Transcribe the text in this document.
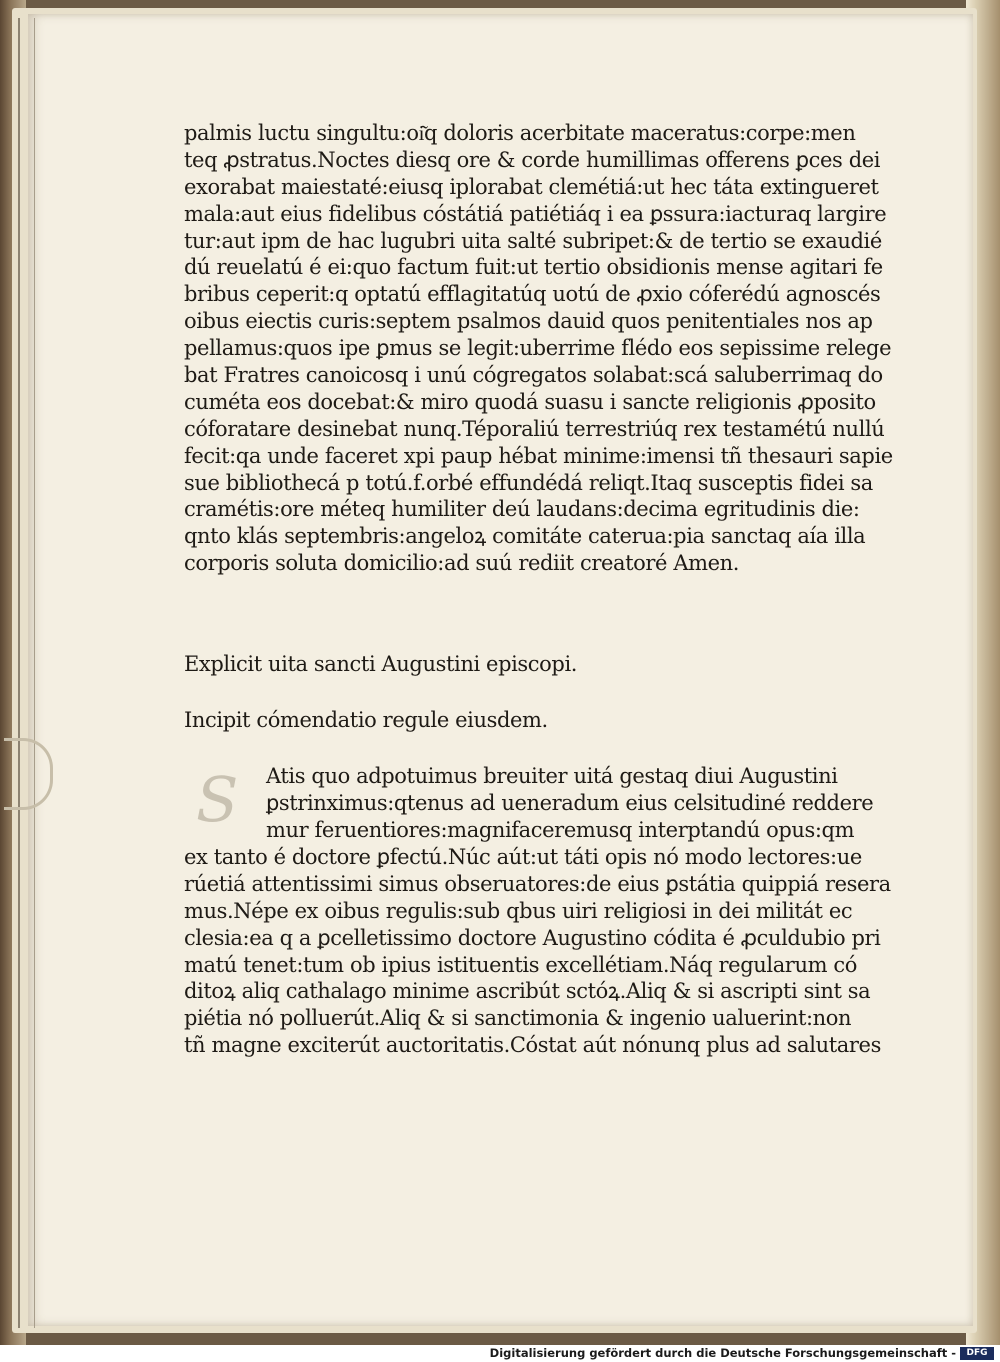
palmis luctu singultu:oi͂q doloris acerbitate maceratus:corpe:men
teq ꝓstratus.Noctes diesq ore & corde humillimas offerens ꝑces dei
exorabat maiestaté:eiusq iplorabat clemétiá:ut hec táta extingueret
mala:aut eius fidelibus cóstátiá patiétiáq i ea ꝑssura:iacturaq largire
tur:aut ipm de hac lugubri uita salté subripet:& de tertio se exaudié
dú reuelatú é ei:quo factum fuit:ut tertio obsidionis mense agitari fe
bribus ceperit:q optatú efflagitatúq uotú de ꝓxio cóferédú agnoscés
oibus eiectis curis:septem psalmos dauid quos penitentiales nos ap
pellamus:quos ipe ꝑmus se legit:uberrime flédo eos sepissime relege
bat Fratres canoicosq i unú cógregatos solabat:scá saluberrimaq do
cuméta eos docebat:& miro quodá suasu i sancte religionis ꝓposito
cóforatare desinebat nunq.Téporaliú terrestriúq rex testamétú nullú
fecit:qa unde faceret xpi paup hébat minime:imensi tñ thesauri sapie
sue bibliothecá p totú.f.orbé effundédá reliqt.Itaq susceptis fidei sa
cramétis:ore méteq humiliter deú laudans:decima egritudinis die:
qnto klás septembris:angeloꝝ comitáte caterua:pia sanctaq aía illa
corporis soluta domicilio:ad suú rediit creatoré Amen.
Explicit uita sancti Augustini episcopi.
Incipit cómendatio regule eiusdem.
S	Atis quo adpotuimus breuiter uitá gestaq diui Augustini
ꝑstrinximus:qtenus ad ueneradum eius celsitudiné reddere
mur feruentiores:magnifaceremusq interptandú opus:qm
ex tanto é doctore ꝑfectú.Núc aút:ut táti opis nó modo lectores:ue
rúetiá attentissimi simus obseruatores:de eius ꝑstátia quippiá resera
mus.Népe ex oibus regulis:sub qbus uiri religiosi in dei militát ec
clesia:ea q a ꝑcelletissimo doctore Augustino códita é ꝓculdubio pri
matú tenet:tum ob ipius istituentis excellétiam.Náq regularum có
ditoꝝ aliq cathalago minime ascribút sctóꝝ.Aliq & si ascripti sint sa
piétia nó polluerút.Aliq & si sanctimonia & ingenio ualuerint:non
tñ magne exciterút auctoritatis.Cóstat aút nónunq plus ad salutares
Digitalisierung gefördert durch die Deutsche Forschungsgemeinschaft -	DFG
